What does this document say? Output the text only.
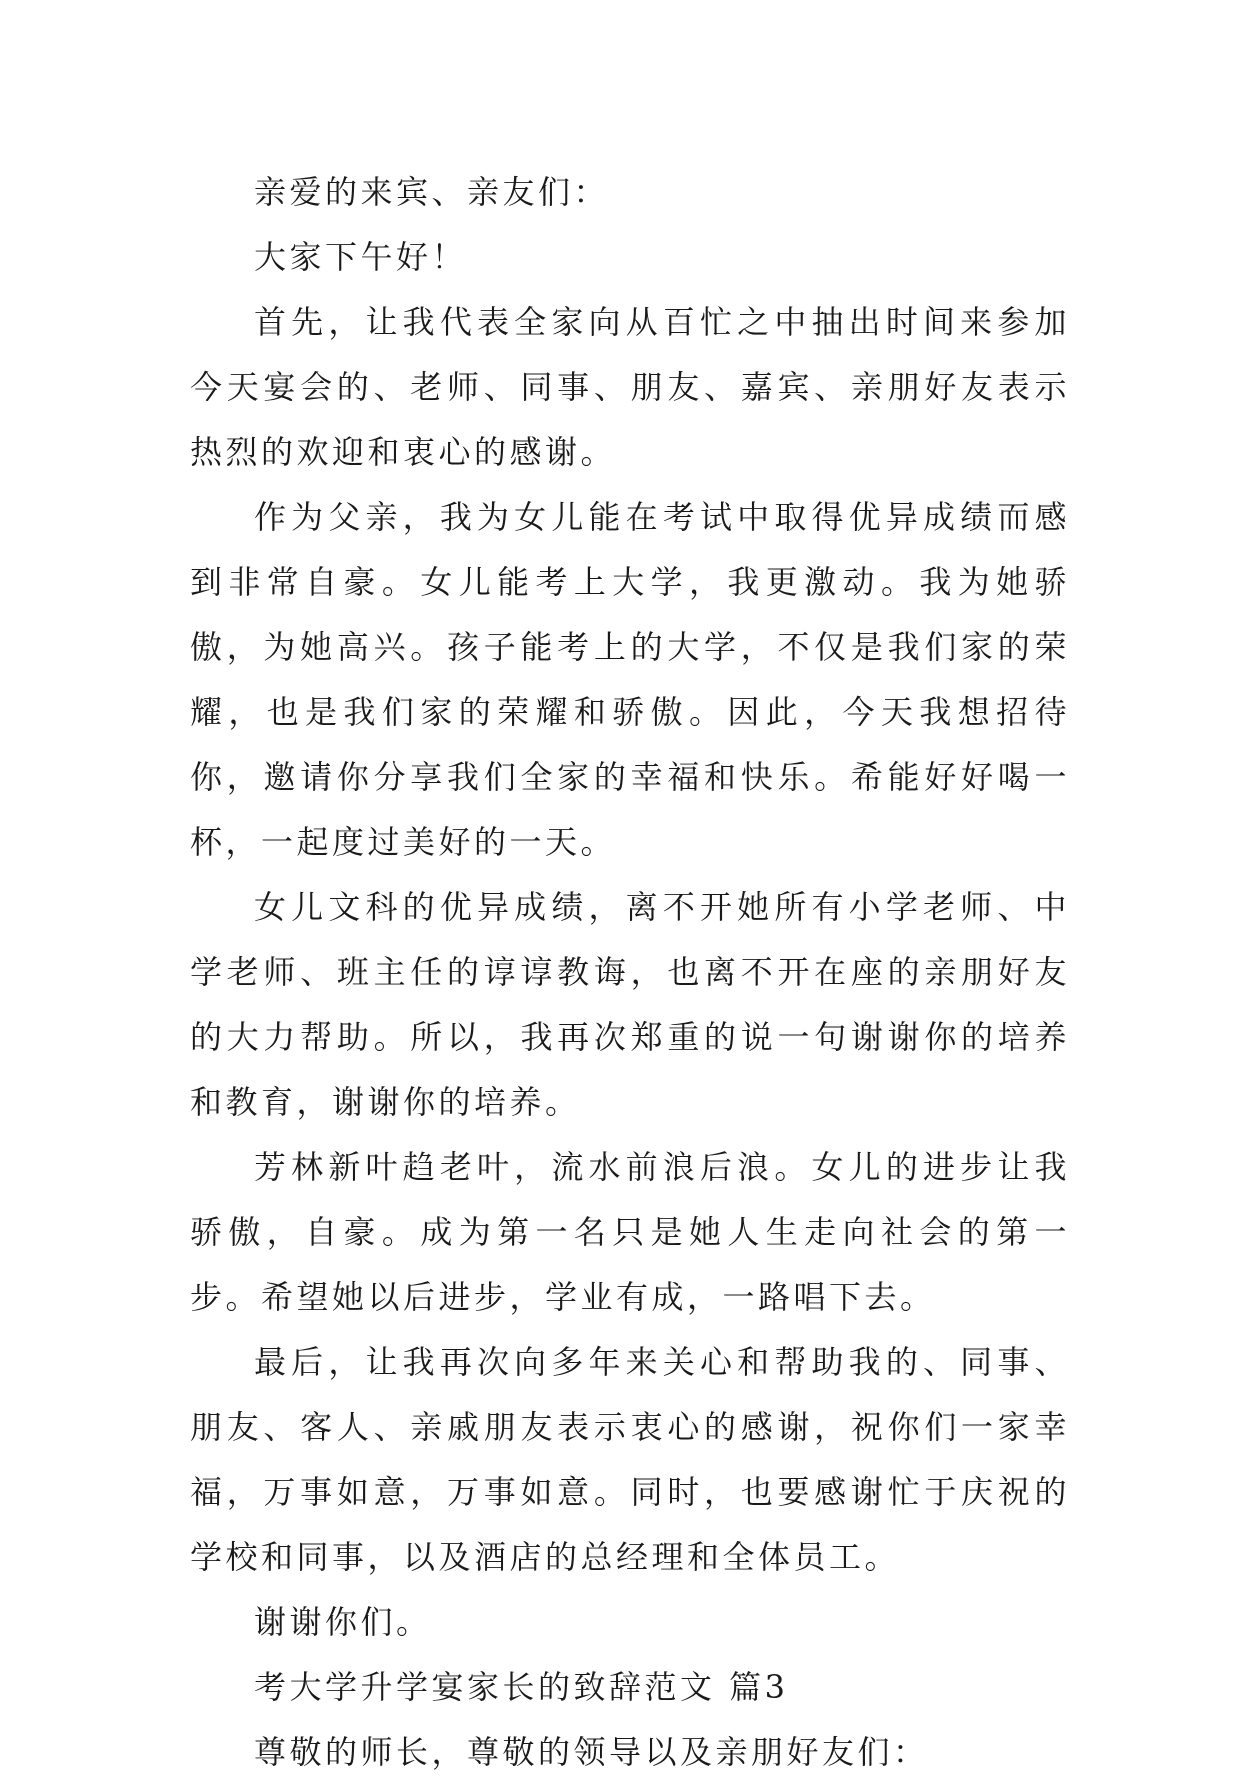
亲爱的来宾、亲友们：

大家下午好！

首先，让我代表全家向从百忙之中抽出时间来参加今天宴会的、老师、同事、朋友、嘉宾、亲朋好友表示热烈的欢迎和衷心的感谢。

作为父亲，我为女儿能在考试中取得优异成绩而感到非常自豪。女儿能考上大学，我更激动。我为她骄傲，为她高兴。孩子能考上的大学，不仅是我们家的荣耀，也是我们家的荣耀和骄傲。因此，今天我想招待你，邀请你分享我们全家的幸福和快乐。希能好好喝一杯，一起度过美好的一天。

女儿文科的优异成绩，离不开她所有小学老师、中学老师、班主任的谆谆教诲，也离不开在座的亲朋好友的大力帮助。所以，我再次郑重的说一句谢谢你的培养和教育，谢谢你的培养。

芳林新叶趋老叶，流水前浪后浪。女儿的进步让我骄傲，自豪。成为第一名只是她人生走向社会的第一步。希望她以后进步，学业有成，一路唱下去。

最后，让我再次向多年来关心和帮助我的、同事、朋友、客人、亲戚朋友表示衷心的感谢，祝你们一家幸福，万事如意，万事如意。同时，也要感谢忙于庆祝的学校和同事，以及酒店的总经理和全体员工。

谢谢你们。

考大学升学宴家长的致辞范文 篇3

尊敬的师长，尊敬的领导以及亲朋好友们：
